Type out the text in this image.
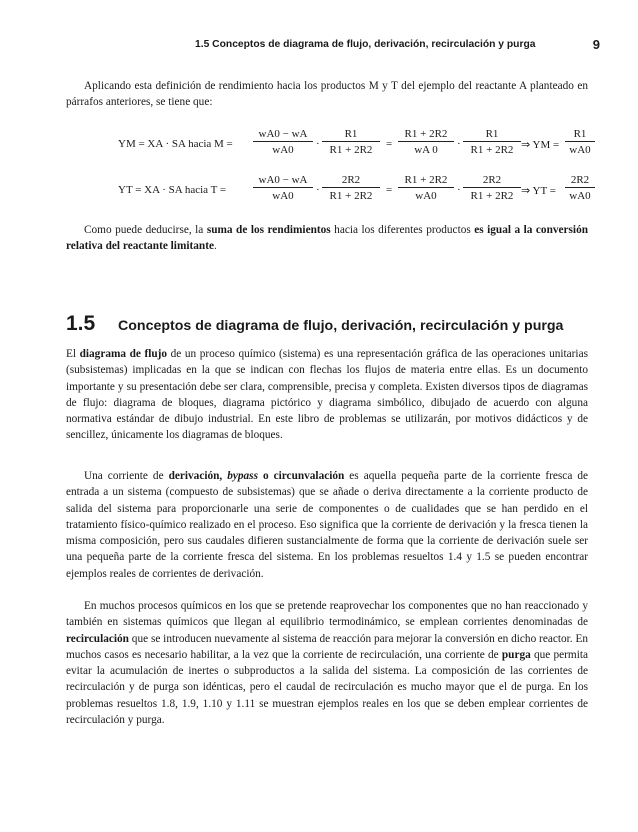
1.5 Conceptos de diagrama de flujo, derivación, recirculación y purga	9

Aplicando esta definición de rendimiento hacia los productos M y T del ejemplo del reactante A planteado en párrafos anteriores, se tiene que:

YM = XA · SA hacia $M = \frac{wA0 - wA}{wA0} \cdot \frac{R1}{R1 + 2R2} = \frac{R1 + 2R2}{wA 0} \cdot \frac{R1}{R1 + 2R2}$ ⇒ YM = $\frac{R1}{wA0}$
YT = XA · SA hacia $T = \frac{wA0 - wA}{wA0} \cdot \frac{2R2}{R1 + 2R2} = \frac{R1 + 2R2}{wA0} \cdot \frac{2R2}{R1 + 2R2}$ ⇒ YT = $\frac{2R2}{wA0}$

Como puede deducirse, la suma de los rendimientos hacia los diferentes productos es igual a la conversión relativa del reactante limitante.

1.5 Conceptos de diagrama de flujo, derivación, recirculación y purga

El diagrama de flujo de un proceso químico (sistema) es una representación gráfica de las operaciones unitarias (subsistemas) implicadas en la que se indican con flechas los flujos de materia entre ellas. Es un documento importante y su presentación debe ser clara, comprensible, precisa y completa. Existen diversos tipos de diagramas de flujo: diagrama de bloques, diagrama pictórico y diagrama simbólico, dibujado de acuerdo con alguna normativa estándar de dibujo industrial. En este libro de problemas se utilizarán, por motivos didácticos y de sencillez, únicamente los diagramas de bloques.

Una corriente de derivación, bypass o circunvalación es aquella pequeña parte de la corriente fresca de entrada a un sistema (compuesto de subsistemas) que se añade o deriva directamente a la corriente producto de salida del sistema para proporcionarle una serie de componentes o de cualidades que se han perdido en el tratamiento físico-químico realizado en el proceso. Eso significa que la corriente de derivación y la fresca tienen la misma composición, pero sus caudales difieren sustancialmente de forma que la corriente de derivación suele ser una pequeña parte de la corriente fresca del sistema. En los problemas resueltos 1.4 y 1.5 se pueden encontrar ejemplos reales de corrientes de derivación.

En muchos procesos químicos en los que se pretende reaprovechar los componentes que no han reaccionado y también en sistemas químicos que llegan al equilibrio termodinámico, se emplean corrientes denominadas de recirculación que se introducen nuevamente al sistema de reacción para mejorar la conversión en dicho reactor. En muchos casos es necesario habilitar, a la vez que la corriente de recirculación, una corriente de purga que permita evitar la acumulación de inertes o subproductos a la salida del sistema. La composición de las corrientes de recirculación y de purga son idénticas, pero el caudal de recirculación es mucho mayor que el de purga. En los problemas resueltos 1.8, 1.9, 1.10 y 1.11 se muestran ejemplos reales en los que se deben emplear corrientes de recirculación y purga.
